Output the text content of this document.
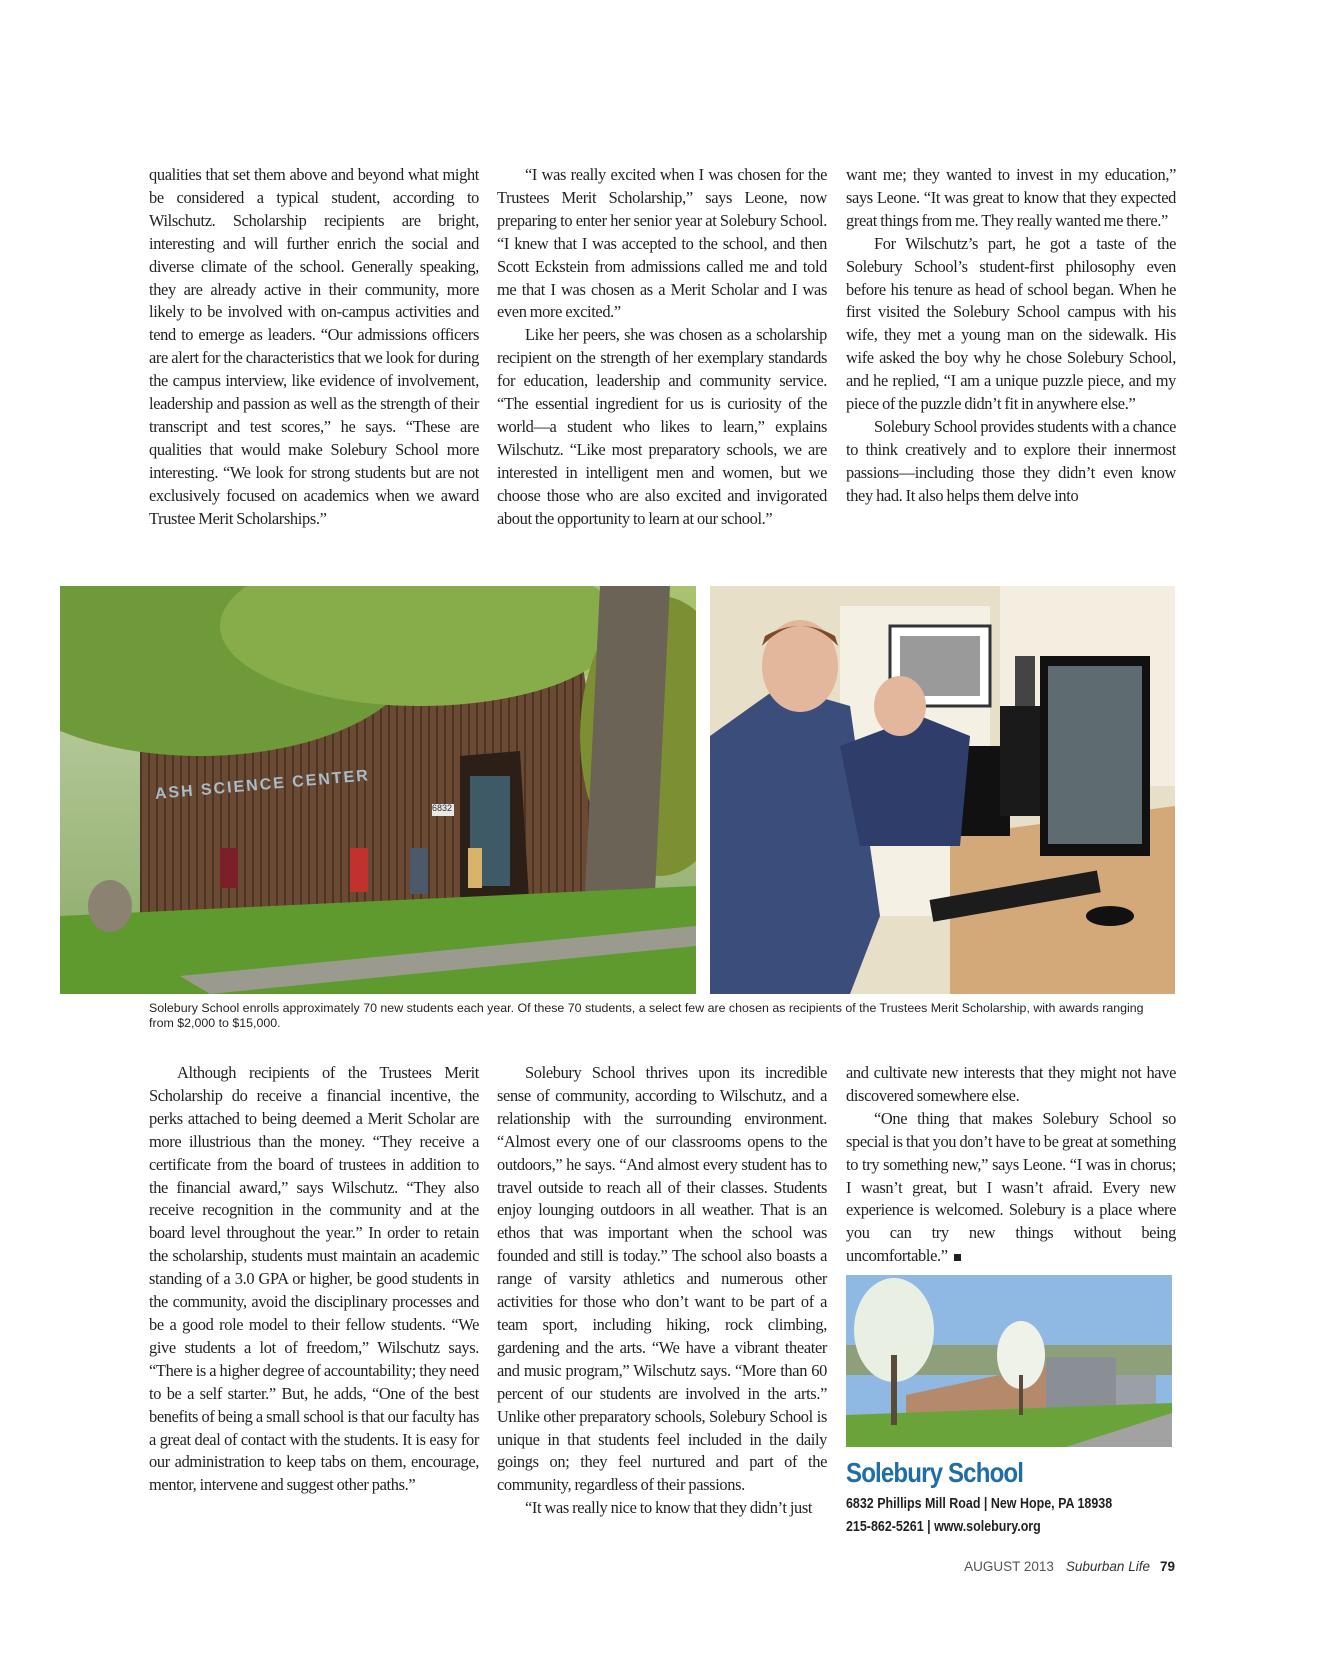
qualities that set them above and beyond what might be considered a typical student, according to Wilschutz. Scholarship recipients are bright, interesting and will further enrich the social and diverse climate of the school. Generally speaking, they are already active in their community, more likely to be involved with on-campus activities and tend to emerge as leaders. “Our admissions officers are alert for the characteristics that we look for during the campus interview, like evidence of involvement, leadership and passion as well as the strength of their transcript and test scores,” he says. “These are qualities that would make Solebury School more interesting. “We look for strong students but are not exclusively focused on academics when we award Trustee Merit Scholarships.”

“I was really excited when I was chosen for the Trustees Merit Scholarship,” says Leone, now preparing to enter her senior year at Solebury School. “I knew that I was accepted to the school, and then Scott Eckstein from admissions called me and told me that I was chosen as a Merit Scholar and I was even more excited.”

Like her peers, she was chosen as a scholarship recipient on the strength of her exemplary standards for education, leadership and community service. “The essential ingredient for us is curiosity of the world—a student who likes to learn,” explains Wilschutz. “Like most preparatory schools, we are interested in intelligent men and women, but we choose those who are also excited and invigorated about the opportunity to learn at our school.”

want me; they wanted to invest in my education,” says Leone. “It was great to know that they expected great things from me. They really wanted me there.”

For Wilschutz’s part, he got a taste of the Solebury School’s student-first philosophy even before his tenure as head of school began. When he first visited the Solebury School campus with his wife, they met a young man on the sidewalk. His wife asked the boy why he chose Solebury School, and he replied, “I am a unique puzzle piece, and my piece of the puzzle didn’t fit in anywhere else.”

Solebury School provides students with a chance to think creatively and to explore their innermost passions—including those they didn’t even know they had. It also helps them delve into

ASH SCIENCE CENTER
6832
Solebury School enrolls approximately 70 new students each year. Of these 70 students, a select few are chosen as recipients of the Trustees Merit Scholarship, with awards ranging from $2,000 to $15,000.

Although recipients of the Trustees Merit Scholarship do receive a financial incentive, the perks attached to being deemed a Merit Scholar are more illustrious than the money. “They receive a certificate from the board of trustees in addition to the financial award,” says Wilschutz. “They also receive recognition in the community and at the board level throughout the year.” In order to retain the scholarship, students must maintain an academic standing of a 3.0 GPA or higher, be good students in the community, avoid the disciplinary processes and be a good role model to their fellow students. “We give students a lot of freedom,” Wilschutz says. “There is a higher degree of accountability; they need to be a self starter.” But, he adds, “One of the best benefits of being a small school is that our faculty has a great deal of contact with the students. It is easy for our administration to keep tabs on them, encourage, mentor, intervene and suggest other paths.”

Solebury School thrives upon its incredible sense of community, according to Wilschutz, and a relationship with the surrounding environment. “Almost every one of our classrooms opens to the outdoors,” he says. “And almost every student has to travel outside to reach all of their classes. Students enjoy lounging outdoors in all weather. That is an ethos that was important when the school was founded and still is today.” The school also boasts a range of varsity athletics and numerous other activities for those who don’t want to be part of a team sport, including hiking, rock climbing, gardening and the arts. “We have a vibrant theater and music program,” Wilschutz says. “More than 60 percent of our students are involved in the arts.” Unlike other preparatory schools, Solebury School is unique in that students feel included in the daily goings on; they feel nurtured and part of the community, regardless of their passions.

“It was really nice to know that they didn’t just

and cultivate new interests that they might not have discovered somewhere else.

“One thing that makes Solebury School so special is that you don’t have to be great at something to try something new,” says Leone. “I was in chorus; I wasn’t great, but I wasn’t afraid. Every new experience is welcomed. Solebury is a place where you can try new things without being uncomfortable.”

Solebury School
6832 Phillips Mill Road | New Hope, PA 18938
215-862-5261 | www.solebury.org
AUGUST 2013 Suburban Life 79
